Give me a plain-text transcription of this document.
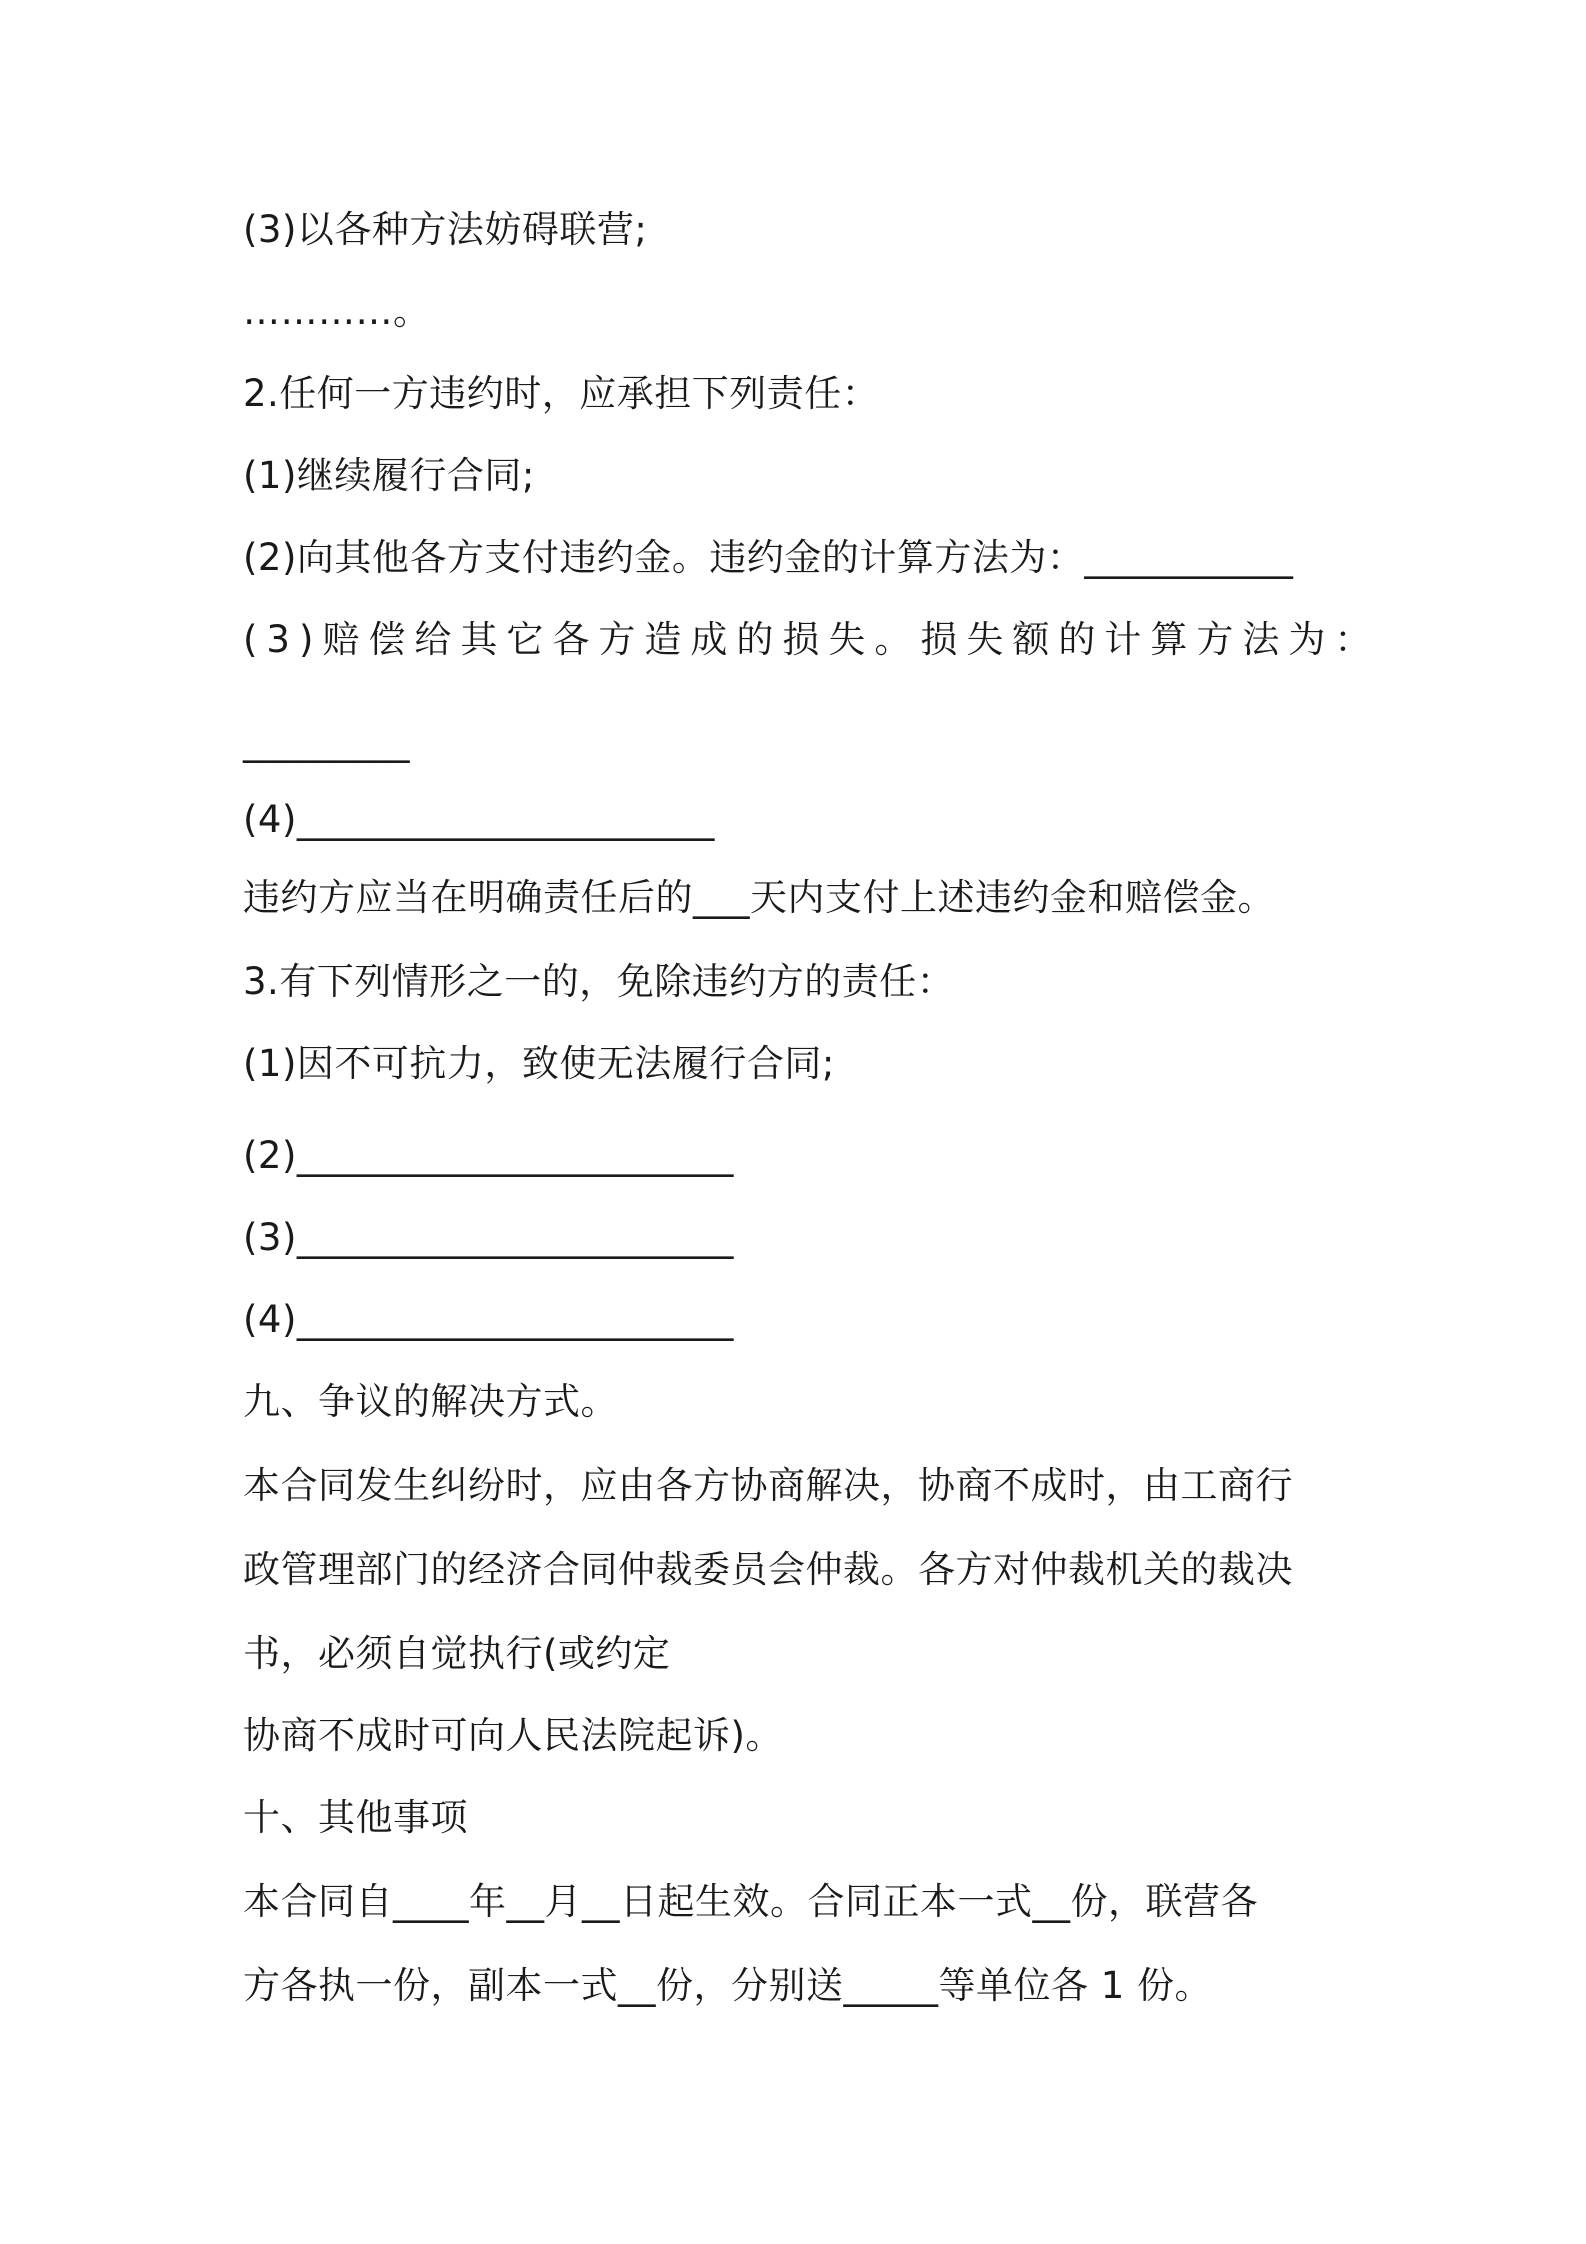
(3)以各种方法妨碍联营;
…………。
2.任何一方违约时，应承担下列责任：
(1)继续履行合同;
(2)向其他各方支付违约金。违约金的计算方法为：___________
(3)赔偿给其它各方造成的损失。损失额的计算方法为：
_________
(4)______________________
违约方应当在明确责任后的___天内支付上述违约金和赔偿金。
3.有下列情形之一的，免除违约方的责任：
(1)因不可抗力，致使无法履行合同;
(2)_______________________
(3)_______________________
(4)_______________________
九、争议的解决方式。
本合同发生纠纷时，应由各方协商解决，协商不成时，由工商行
政管理部门的经济合同仲裁委员会仲裁。各方对仲裁机关的裁决
书，必须自觉执行(或约定
协商不成时可向人民法院起诉)。
十、其他事项
本合同自____年__月__日起生效。合同正本一式__份，联营各
方各执一份，副本一式__份，分别送_____等单位各 1 份。
